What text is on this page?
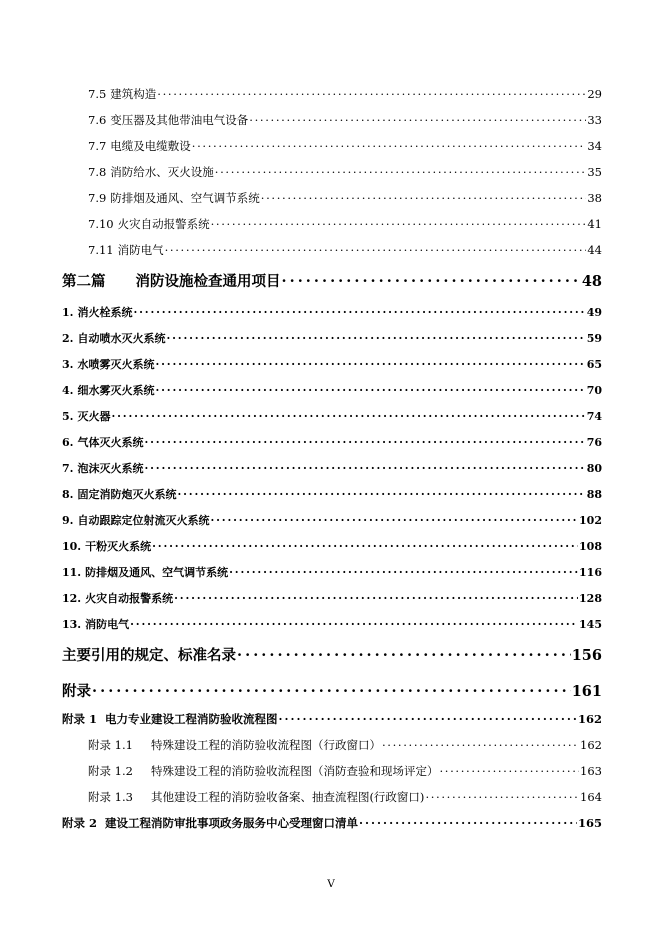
7.5 建筑构造 . . .	29
7.6 变压器及其他带油电气设备 . . .	33
7.7 电缆及电缆敷设 . . .	34
7.8 消防给水、灭火设施 . . .	35
7.9 防排烟及通风、空气调节系统 . . .	38
7.10 火灾自动报警系统 . . .	41
7.11 消防电气 . . .	44
第二篇 消防设施检查通用项目 . . .	48
1. 消火栓系统 . . .	49
2. 自动喷水灭火系统 . . .	59
3. 水喷雾灭火系统 . . .	65
4. 细水雾灭火系统 . . .	70
5. 灭火器 . . .	74
6. 气体灭火系统 . . .	76
7. 泡沫灭火系统 . . .	80
8. 固定消防炮灭火系统 . . .	88
9. 自动跟踪定位射流灭火系统 . . .	102
10. 干粉灭火系统 . . .	108
11. 防排烟及通风、空气调节系统 . . .	116
12. 火灾自动报警系统 . . .	128
13. 消防电气 . . .	145
主要引用的规定、标准名录 . . .	156
附录 . . .	161
附录 1 电力专业建设工程消防验收流程图 . . .	162
附录 1.1 特殊建设工程的消防验收流程图（行政窗口） . . .	162
附录 1.2 特殊建设工程的消防验收流程图（消防查验和现场评定） . . .	163
附录 1.3 其他建设工程的消防验收备案、抽查流程图(行政窗口) . . .	164
附录 2 建设工程消防审批事项政务服务中心受理窗口清单 . . .	165
V
